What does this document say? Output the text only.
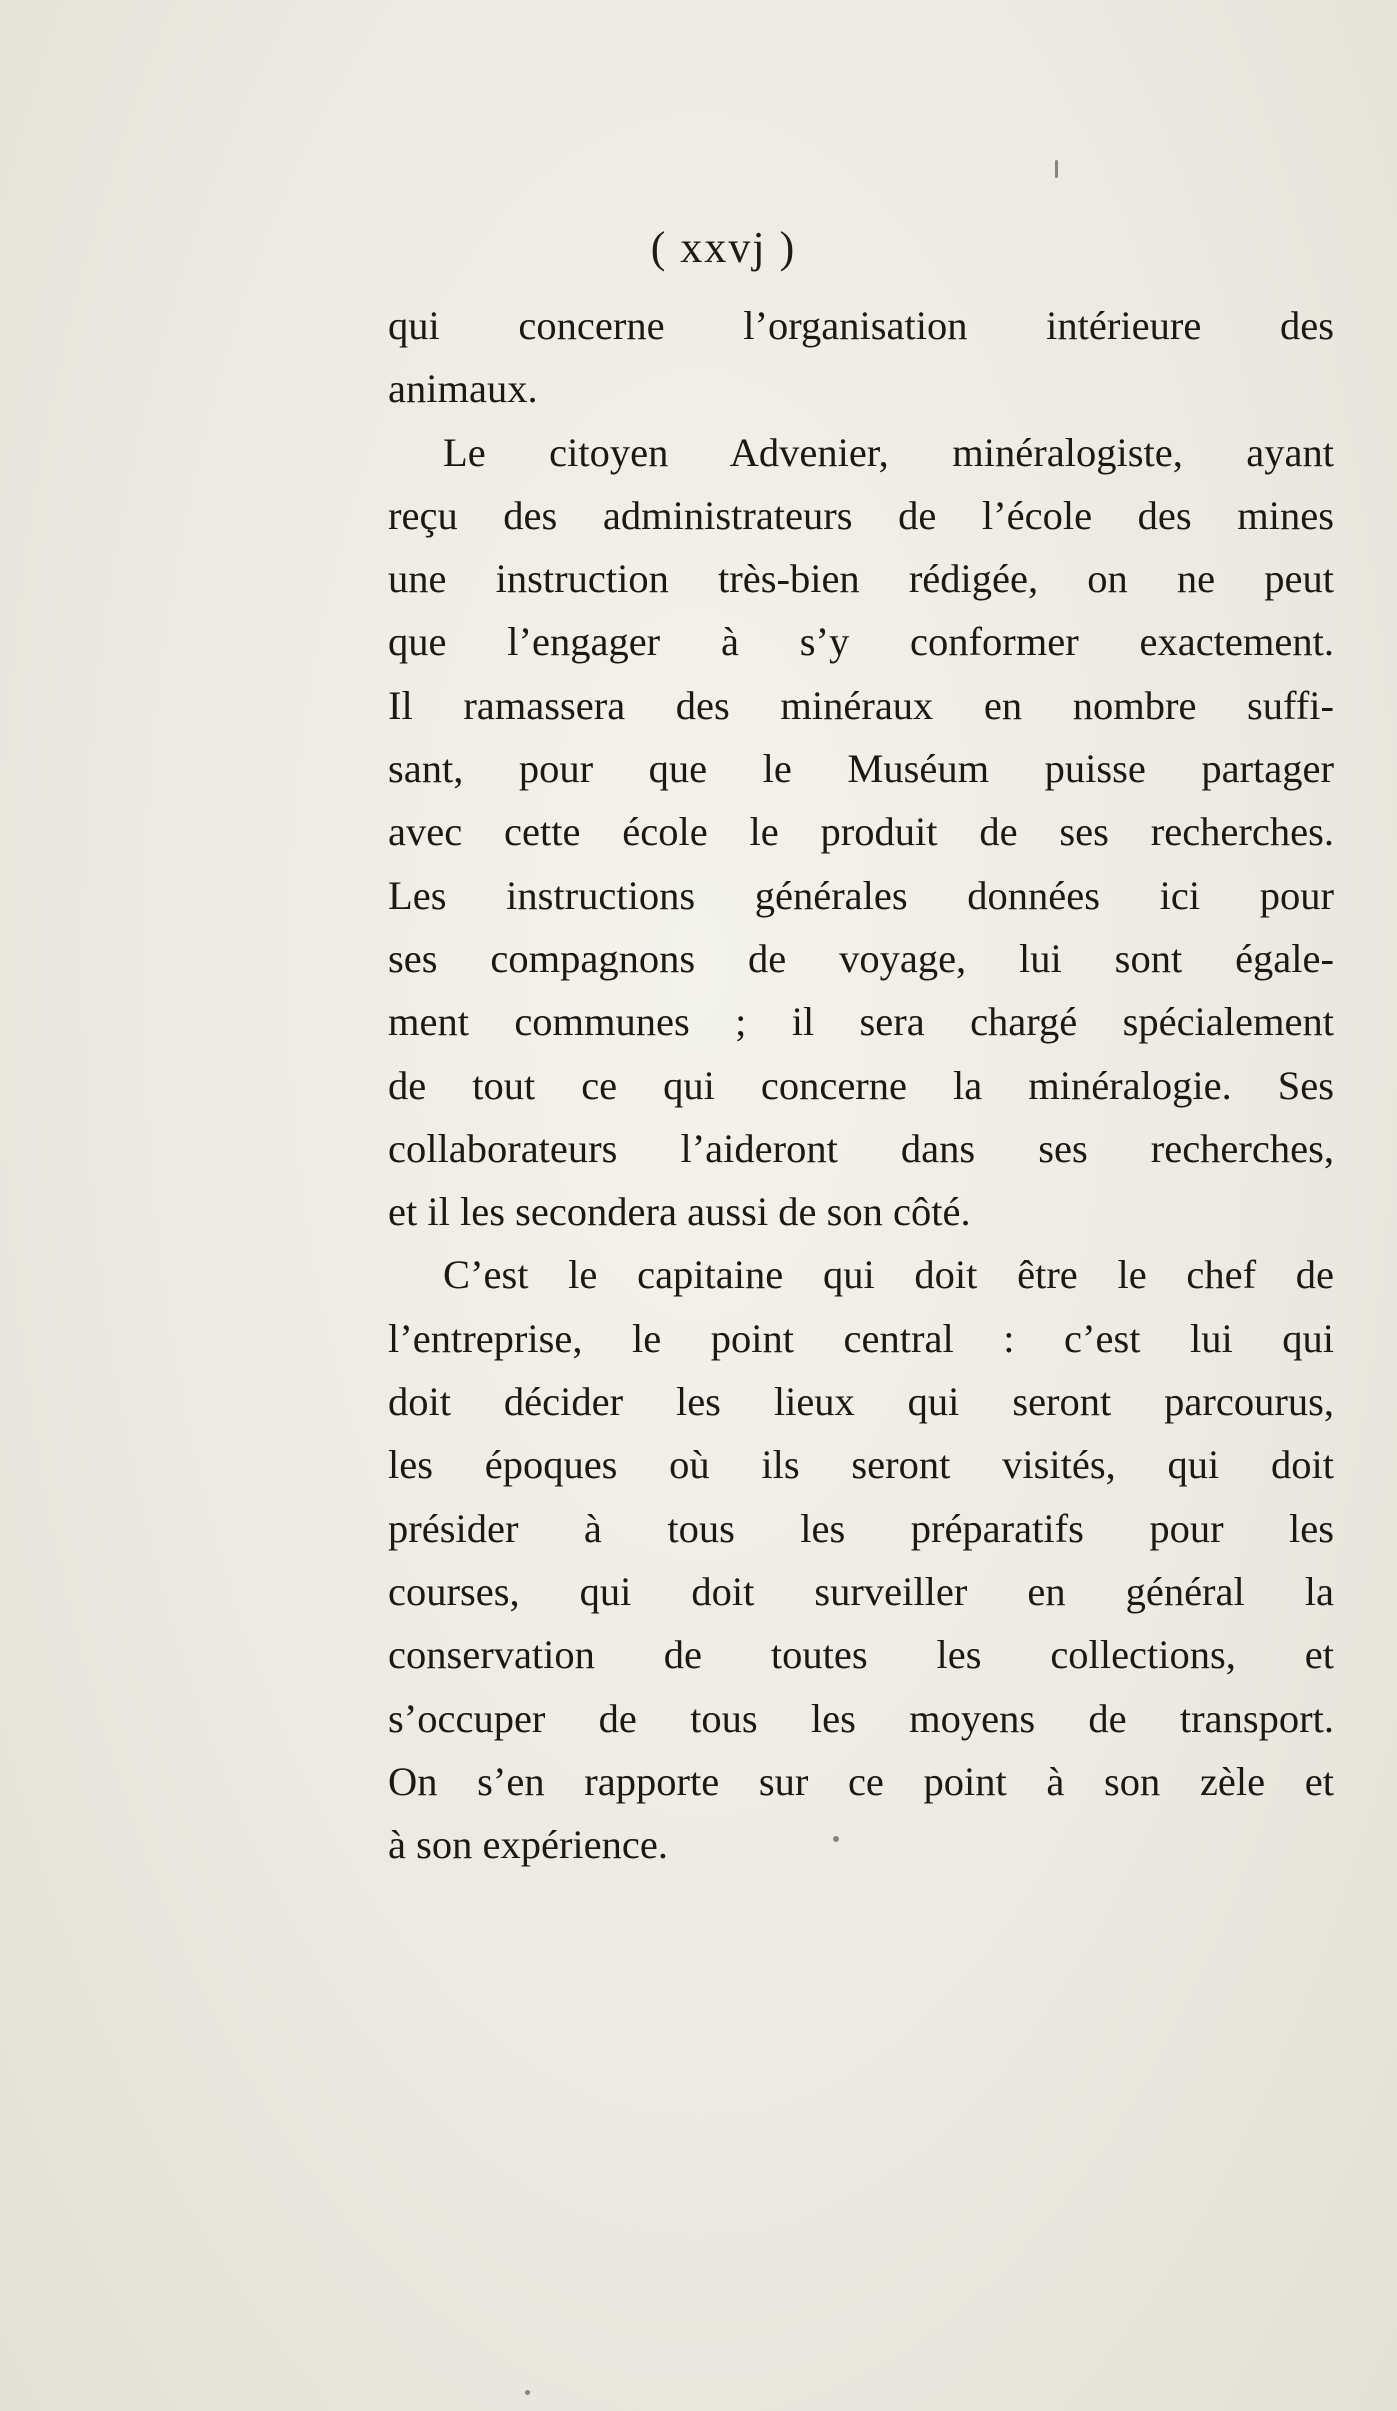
( xxvj )
qui concerne l’organisation intérieure des
animaux.
Le citoyen Advenier, minéralogiste, ayant
reçu des administrateurs de l’école des mines
une instruction très-bien rédigée, on ne peut
que l’engager à s’y conformer exactement.
Il ramassera des minéraux en nombre suffi-
sant, pour que le Muséum puisse partager
avec cette école le produit de ses recherches.
Les instructions générales données ici pour
ses compagnons de voyage, lui sont égale-
ment communes ; il sera chargé spécialement
de tout ce qui concerne la minéralogie. Ses
collaborateurs l’aideront dans ses recherches,
et il les secondera aussi de son côté.
C’est le capitaine qui doit être le chef de
l’entreprise, le point central : c’est lui qui
doit décider les lieux qui seront parcourus,
les époques où ils seront visités, qui doit
présider à tous les préparatifs pour les
courses, qui doit surveiller en général la
conservation de toutes les collections, et
s’occuper de tous les moyens de transport.
On s’en rapporte sur ce point à son zèle et
à son expérience.
